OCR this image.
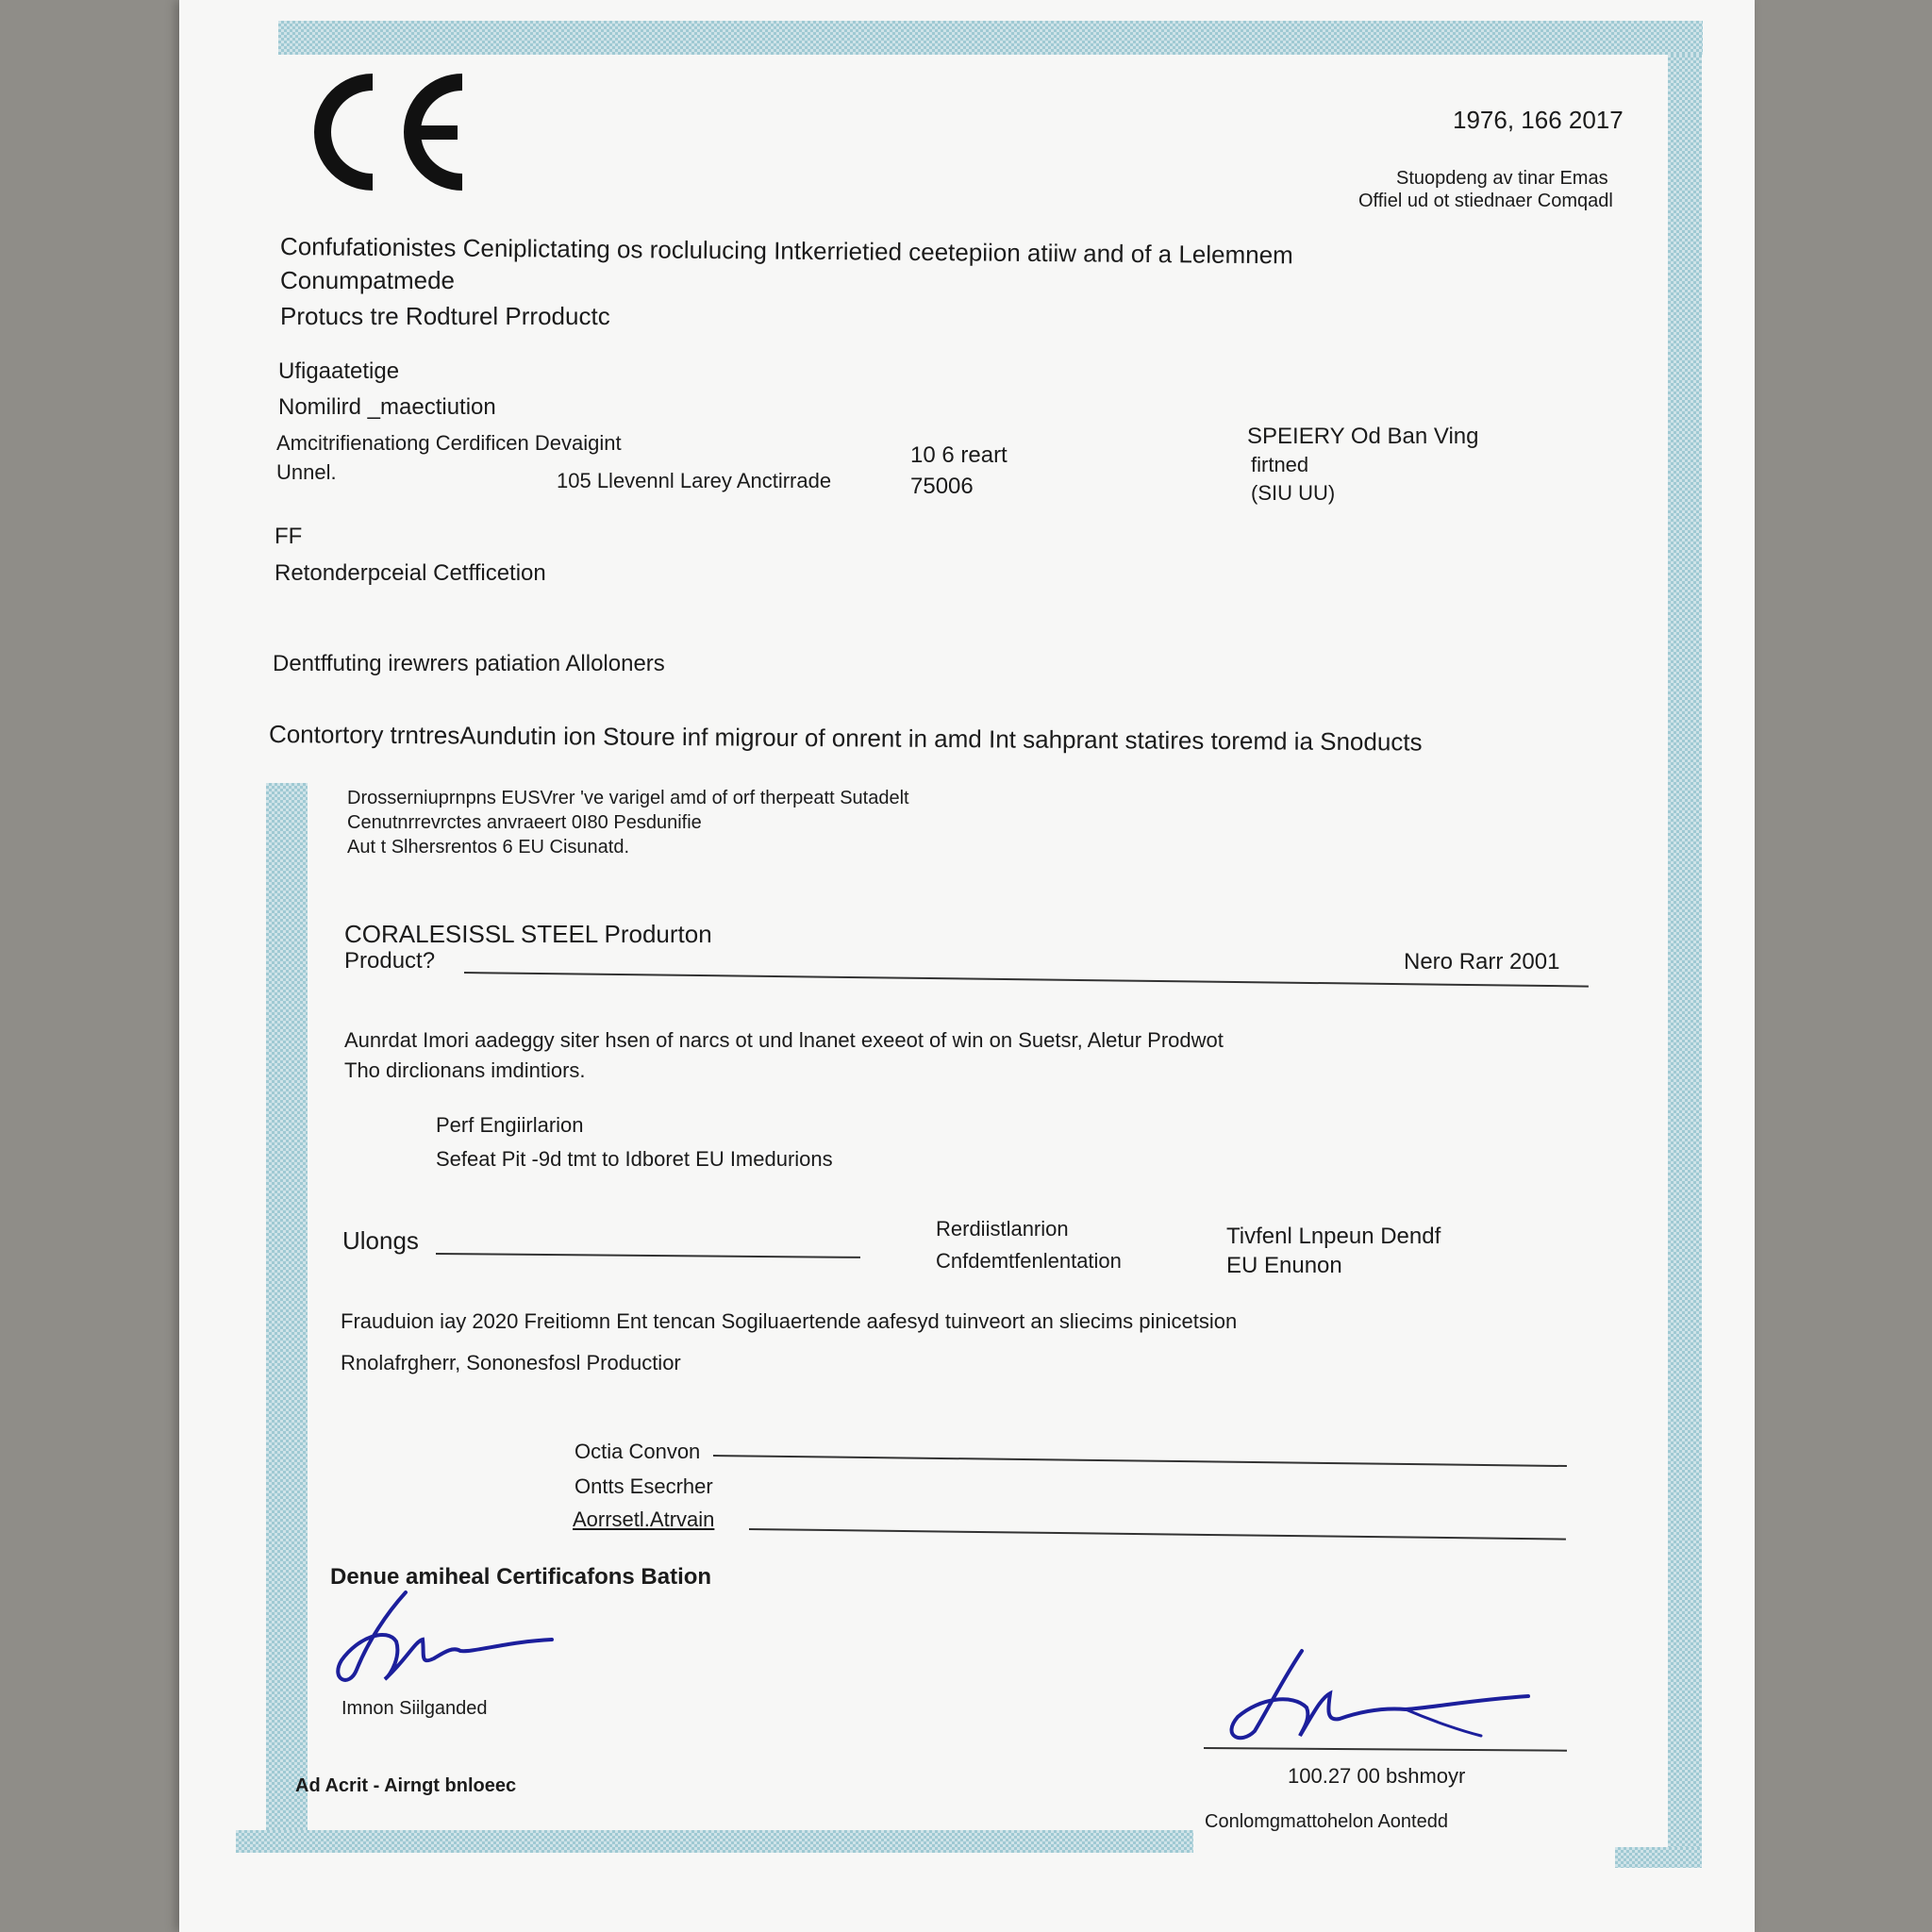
1976, 166 2017

Stuopdeng av tinar Emas

Offiel ud ot stiednaer Comqadl

Confufationistes Ceniplictating os roclulucing Intkerrietied ceetepiion atiiw and of a Lelemnem

Conumpatmede

Protucs tre Rodturel Prroductc

Ufigaatetige

Nomilird _maectiution

Amcitrifienationg Cerdificen Devaigint

Unnel.	105 Llevennl Larey Anctirrade

10 6 reart

75006

SPEIERY Od Ban Ving

firtned

(SIU UU)

FF

Retonderpceial Cetfficetion

Dentffuting irewrers patiation Alloloners

Contortory trntresAundutin ion Stoure inf migrour of onrent in amd Int sahprant statires toremd ia Snoducts

Drosserniuprnpns EUSVrer 've varigel amd of orf therpeatt Sutadelt

Cenutnrrevrctes anvraeert 0I80 Pesdunifie

Aut t Slhersrentos 6 EU Cisunatd.

CORALESISSL STEEL Produrton

Product?	Nero Rarr 2001

Aunrdat Imori aadeggy siter hsen of narcs ot und lnanet exeeot of win on Suetsr, Aletur Prodwot

Tho dirclionans imdintiors.

Perf Engiirlarion

Sefeat Pit -9d tmt to Idboret EU Imedurions

Ulongs	Rerdiistlanrion

Cnfdemtfenlentation

Tivfenl Lnpeun Dendf

EU Enunon

Frauduion iay 2020 Freitiomn Ent tencan Sogiluaertende aafesyd tuinveort an sliecims pinicetsion

Rnolafrgherr, Sononesfosl Productior

Octia Convon

Ontts Esecrher

Aorrsetl.Atrvain

Denue amiheal Certificafons Bation

Imnon Siilganded

Ad Acrit - Airngt bnloeec	100.27 00 bshmoyr

Conlomgmattohelon Aontedd
